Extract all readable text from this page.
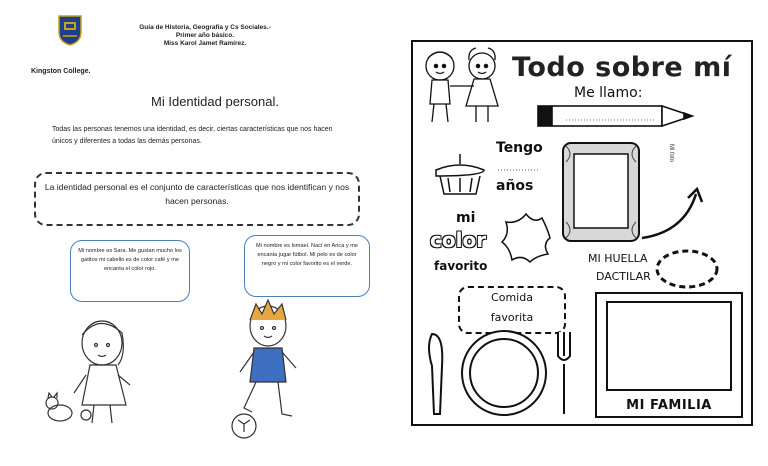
Kingston College.
Guía de Historia, Geografía y Cs Sociales.-
Primer año básico.
Miss Karol Jamet Ramírez.
Mi Identidad personal.
Todas las personas tenemos una identidad, es decir, ciertas características que nos hacen únicos y diferentes a todas las demás personas.
La identidad personal es el conjunto de características que nos identifican y nos hacen personas.
Mi nombre es Sara. Me gustan mucho los gatitos mi cabello es de color café y me encanta el color rojo.
Mi nombre es Ismael. Nací en Arica y me encanta jugar fútbol. Mi pelo es de color negro y mi color favorito es el verde.
Todo sobre mí
Me llamo:
Tengo
años
Mi foto
mi
color
favorito
MI HUELLA
DACTILAR
Comida
favorita
MI FAMILIA
